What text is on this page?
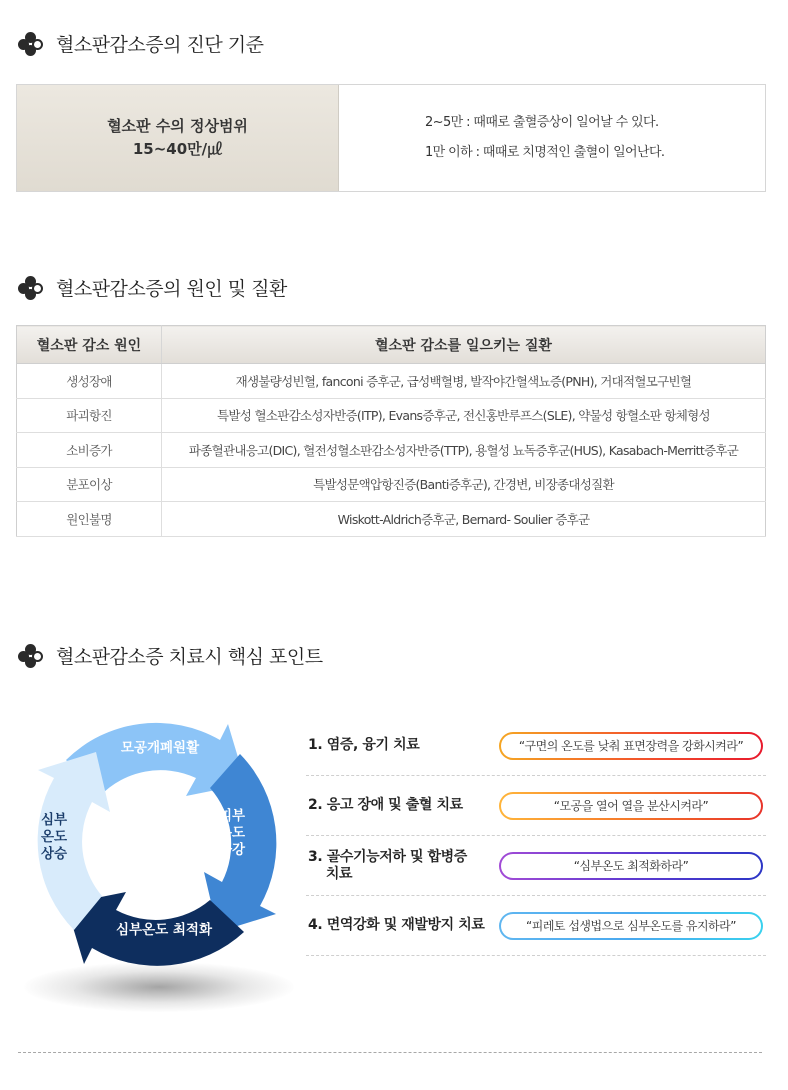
혈소판감소증의 진단 기준
혈소판 수의 정상범위
15~40만/㎕
2~5만 : 때때로 출혈증상이 일어날 수 있다.
1만 이하 : 때때로 치명적인 출혈이 일어난다.
혈소판감소증의 원인 및 질환
혈소판 감소 원인	혈소판 감소를 일으키는 질환
생성장애	재생불량성빈혈, fanconi 증후군, 급성백혈병, 발작야간혈색뇨증(PNH), 거대적혈모구빈혈
파괴항진	특발성 혈소판감소성자반증(ITP), Evans증후군, 전신홍반루프스(SLE), 약물성 항혈소판 항체형성
소비증가	파종혈관내응고(DIC), 혈전성혈소판감소성자반증(TTP), 용혈성 뇨독증후군(HUS), Kasabach-Merritt증후군
분포이상	특발성문액압항진증(Banti증후군), 간경변, 비장종대성질환
원인불명	Wiskott-Aldrich증후군, Bernard- Soulier 증후군
혈소판감소증 치료시 핵심 포인트
모공개폐원활
피부
온도
하강
심부온도 최적화
심부
온도
상승
1. 염증, 융기 치료	“구면의 온도를 낮춰 표면장력을 강화시켜라”
2. 응고 장애 및 출혈 치료	“모공을 열어 열을 분산시켜라”
3. 골수기능저하 및 합병증
치료	“심부온도 최적화하라”
4. 면역강화 및 재발방지 치료	“피레토 섭생법으로 심부온도를 유지하라”
